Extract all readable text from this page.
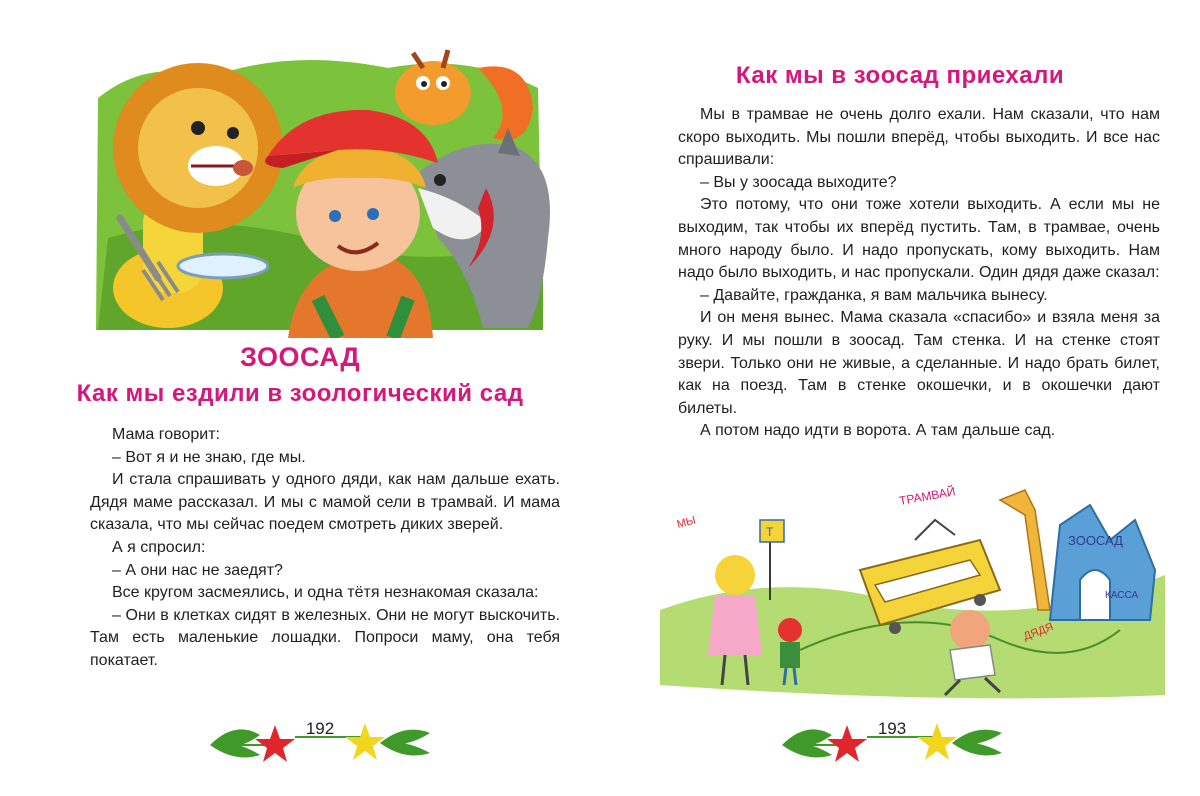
ЗООСАД
Как мы ездили в зоологический сад

Мама говорит:

– Вот я и не знаю, где мы.

И стала спрашивать у одного дяди, как нам дальше ехать. Дядя маме рассказал. И мы с мамой сели в трамвай. И мама сказала, что мы сейчас поедем смотреть диких зверей.

А я спросил:

– А они нас не заедят?

Все кругом засмеялись, и одна тётя незнакомая сказала:

– Они в клетках сидят в железных. Они не могут выскочить. Там есть маленькие лошадки. Попроси маму, она тебя покатает.

192
Как мы в зоосад приехали

Мы в трамвае не очень долго ехали. Нам сказали, что нам скоро выходить. Мы пошли вперёд, чтобы выходить. И все нас спрашивали:

– Вы у зоосада выходите?

Это потому, что они тоже хотели выходить. А если мы не выходим, так чтобы их вперёд пустить. Там, в трамвае, очень много народу было. И надо пропускать, кому выходить. Нам надо было выходить, и нас пропускали. Один дядя даже сказал:

– Давайте, гражданка, я вам мальчика вынесу.

И он меня вынес. Мама сказала «спасибо» и взяла меня за руку. И мы пошли в зоосад. Там стенка. И на стенке стоят звери. Только они не живые, а сделанные. И надо брать билет, как на поезд. Там в стенке окошечки, и в окошечки дают билеты.

А потом надо идти в ворота. А там дальше сад.

ЗООСАД
КАССА
ТРАМВАЙ
Т
МЫ
ДЯДЯ
193
